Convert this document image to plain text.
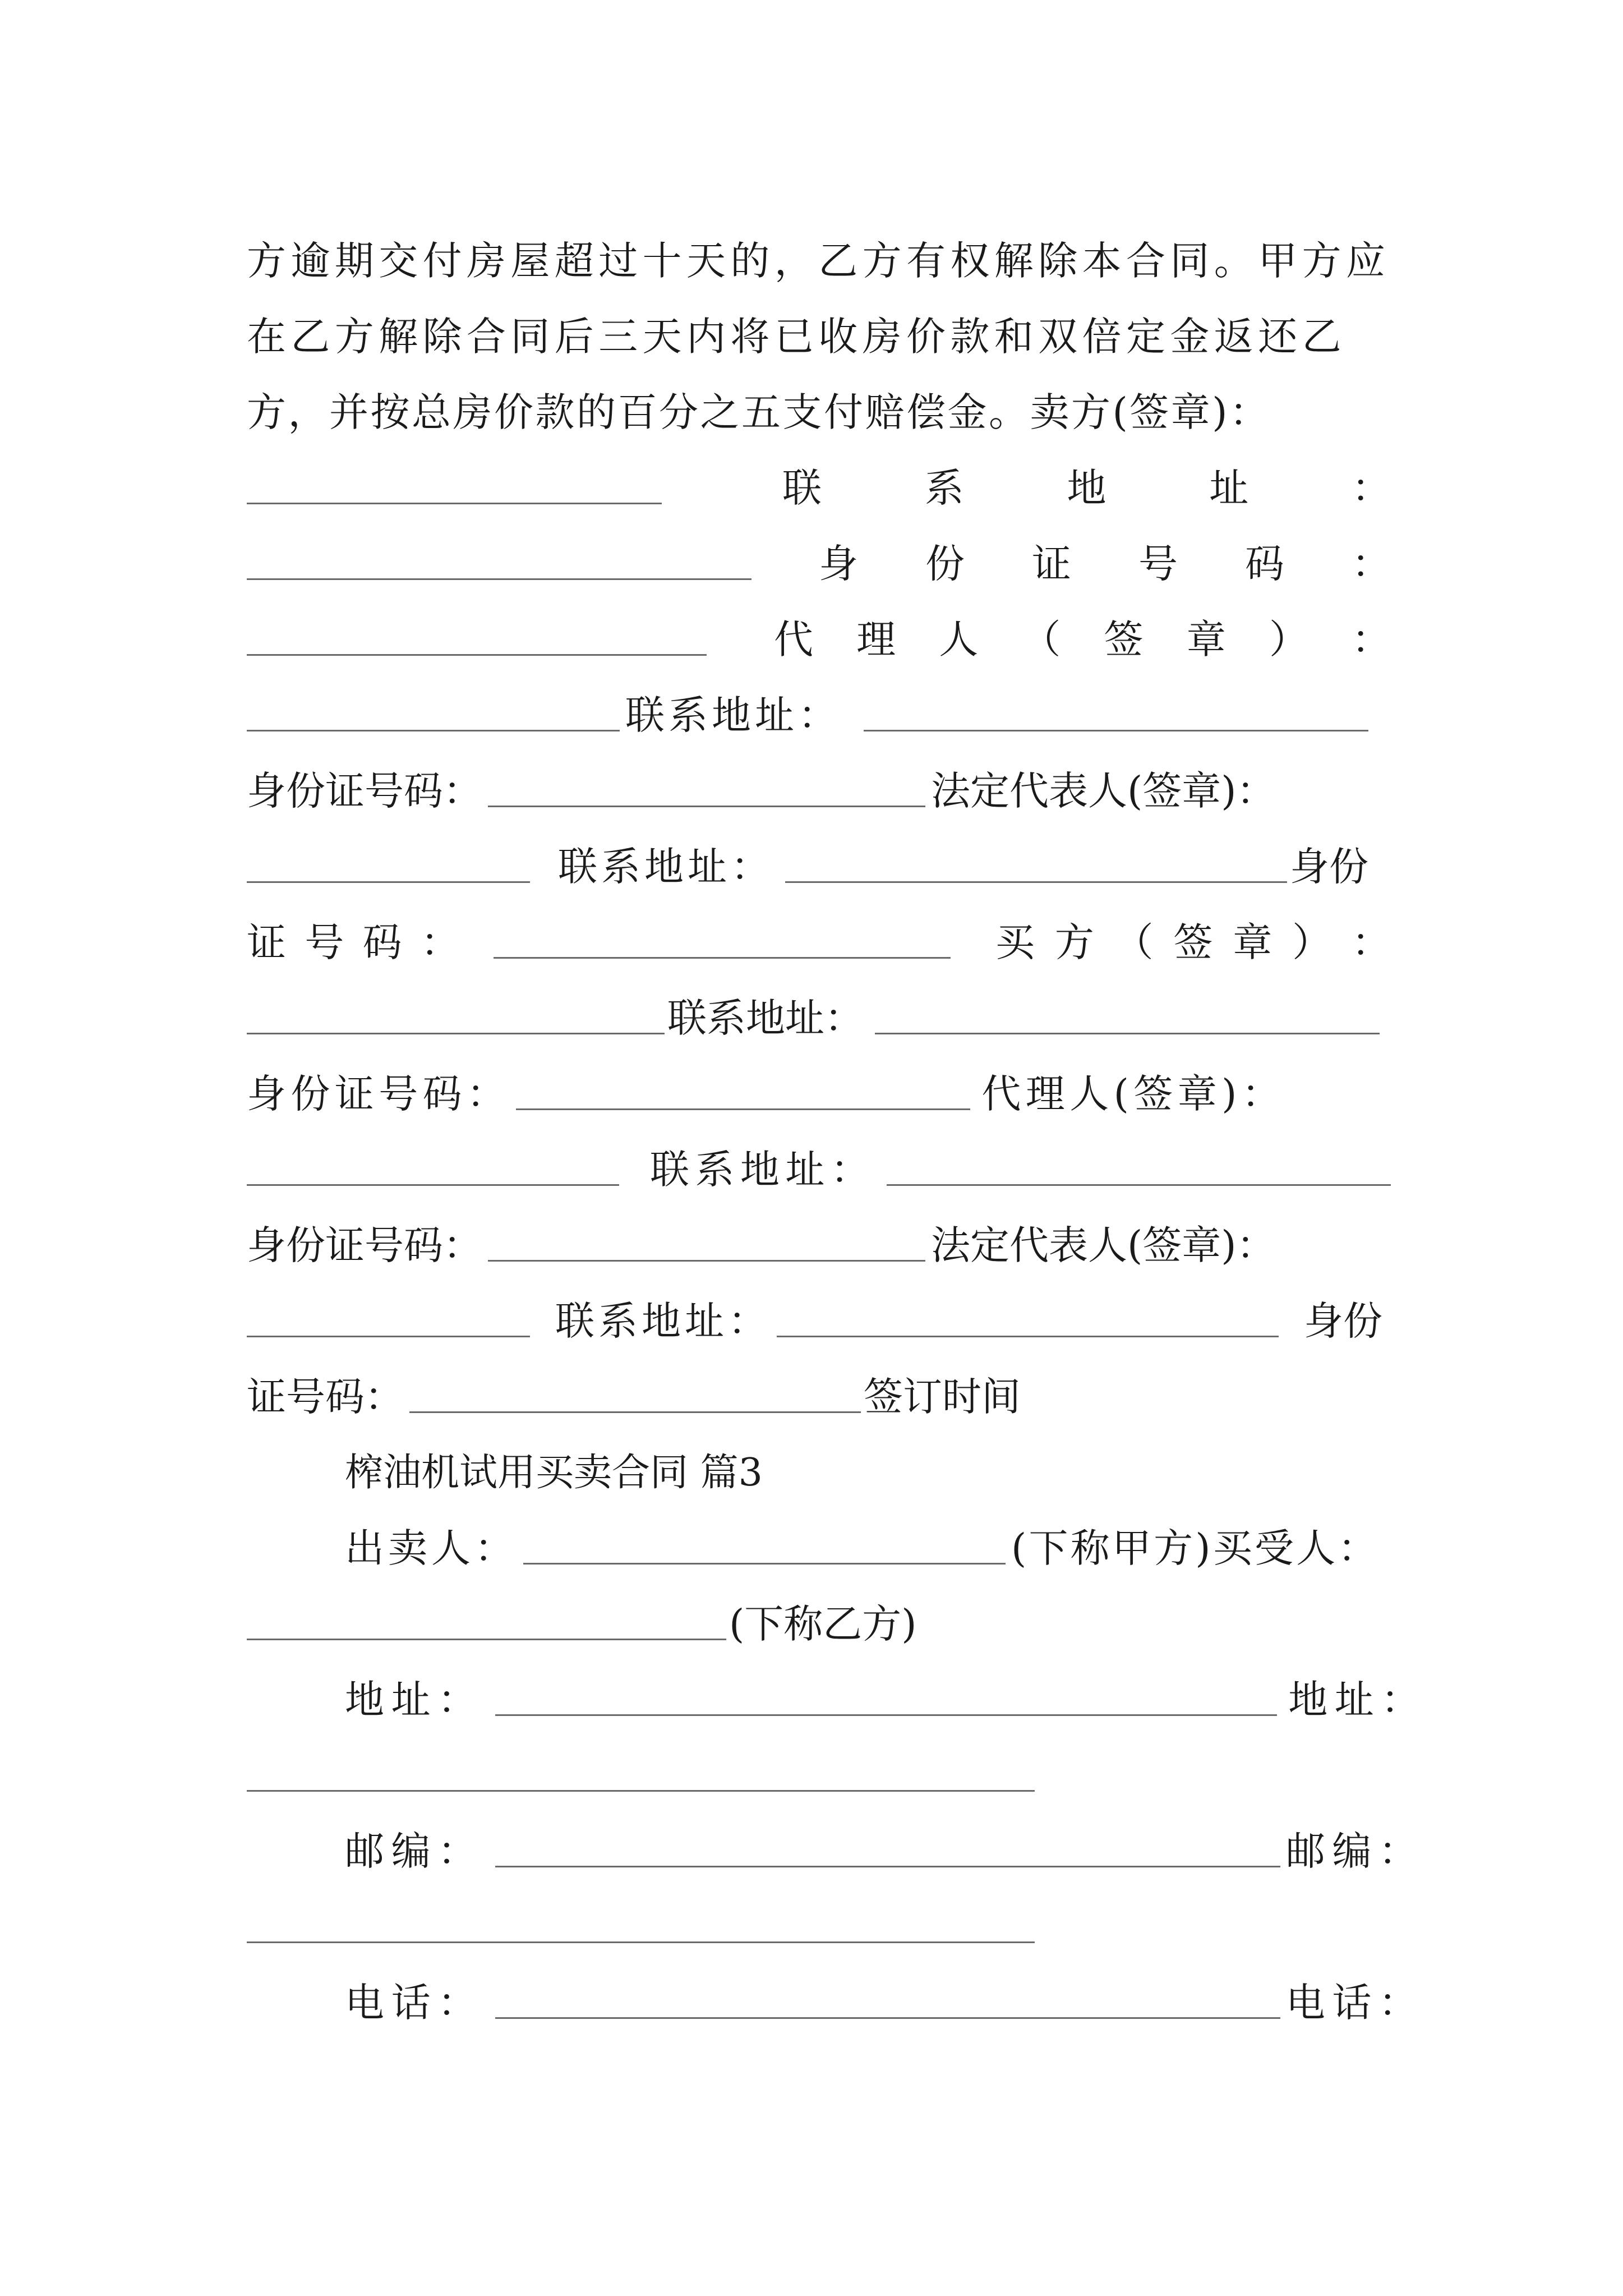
方逾期交付房屋超过十天的，乙方有权解除本合同。甲方应
在乙方解除合同后三天内将已收房价款和双倍定金返还乙
方，并按总房价款的百分之五支付赔偿金。卖方(签章)：
联	系	地	址	：
身 份 证 号 码 ：
代 理 人 （ 签 章 ） ：
联系地址：
身份证号码：	法定代表人(签章)：
联系地址：	身份
证 号 码 ：	买 方 （ 签 章 ） ：
联系地址：
身份证号码：	代理人(签章)：
联系地址：
身份证号码：	法定代表人(签章)：
联系地址：	身份
证号码：	签订时间
榨油机试用买卖合同 篇3
出卖人：	(下称甲方)买受人：
(下称乙方)
地址：	地址：
邮编：	邮编：
电话：	电话：
